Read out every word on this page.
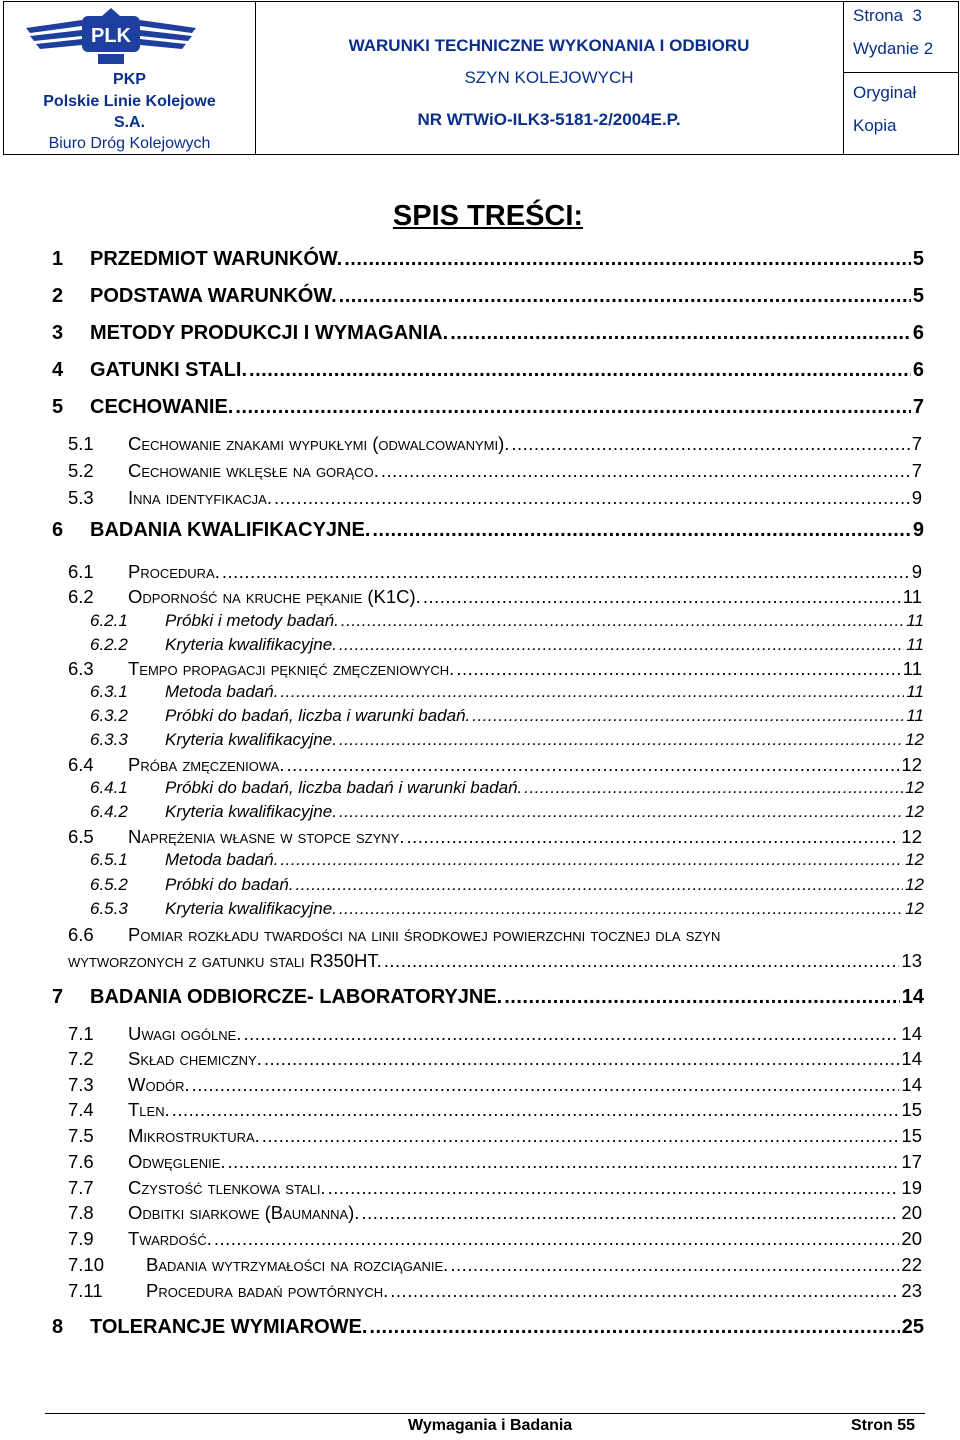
PLK
PKP
Polskie Linie Kolejowe
S.A.
Biuro Dróg Kolejowych
WARUNKI TECHNICZNE WYKONANIA I ODBIORU
SZYN KOLEJOWYCH
NR WTWiO-ILK3-5181-2/2004E.P.
Strona 3
Wydanie 2
Oryginał
Kopia
SPIS TREŚCI:
1	PRZEDMIOT WARUNKÓW. .....	5
2	PODSTAWA WARUNKÓW. .....	5
3	METODY PRODUKCJI I WYMAGANIA. .....	6
4	GATUNKI STALI. .....	6
5	CECHOWANIE. .....	7
5.1	Cechowanie znakami wypukłymi (odwalcowanymi). .....	7
5.2	Cechowanie wklęsłe na gorąco. .....	7
5.3	Inna identyfikacja. .....	9
6	BADANIA KWALIFIKACYJNE. .....	9
6.1	Procedura. .....	9
6.2	Odporność na kruche pękanie (K1C). .....	11
6.2.1	Próbki i metody badań. .....	11
6.2.2	Kryteria kwalifikacyjne. .....	11
6.3	Tempo propagacji pęknięć zmęczeniowych. .....	11
6.3.1	Metoda badań. .....	11
6.3.2	Próbki do badań, liczba i warunki badań. .....	11
6.3.3	Kryteria kwalifikacyjne. .....	12
6.4	Próba zmęczeniowa. .....	12
6.4.1	Próbki do badań, liczba badań i warunki badań. .....	12
6.4.2	Kryteria kwalifikacyjne. .....	12
6.5	Naprężenia własne w stopce szyny. .....	12
6.5.1	Metoda badań. .....	12
6.5.2	Próbki do badań. .....	12
6.5.3	Kryteria kwalifikacyjne. .....	12
6.6	Pomiar rozkładu twardości na linii środkowej powierzchni tocznej dla szyn
wytworzonych z gatunku stali R350HT. .....	13
7	BADANIA ODBIORCZE- LABORATORYJNE. .....	14
7.1	Uwagi ogólne. .....	14
7.2	Skład chemiczny. .....	14
7.3	Wodór. .....	14
7.4	Tlen. .....	15
7.5	Mikrostruktura. .....	15
7.6	Odwęglenie. .....	17
7.7	Czystość tlenkowa stali. .....	19
7.8	Odbitki siarkowe (Baumanna). .....	20
7.9	Twardość. .....	20
7.10	Badania wytrzymałości na rozciąganie. .....	22
7.11	Procedura badań powtórnych. .....	23
8	TOLERANCJE WYMIAROWE. .....	25
Wymagania i Badania	Stron 55
